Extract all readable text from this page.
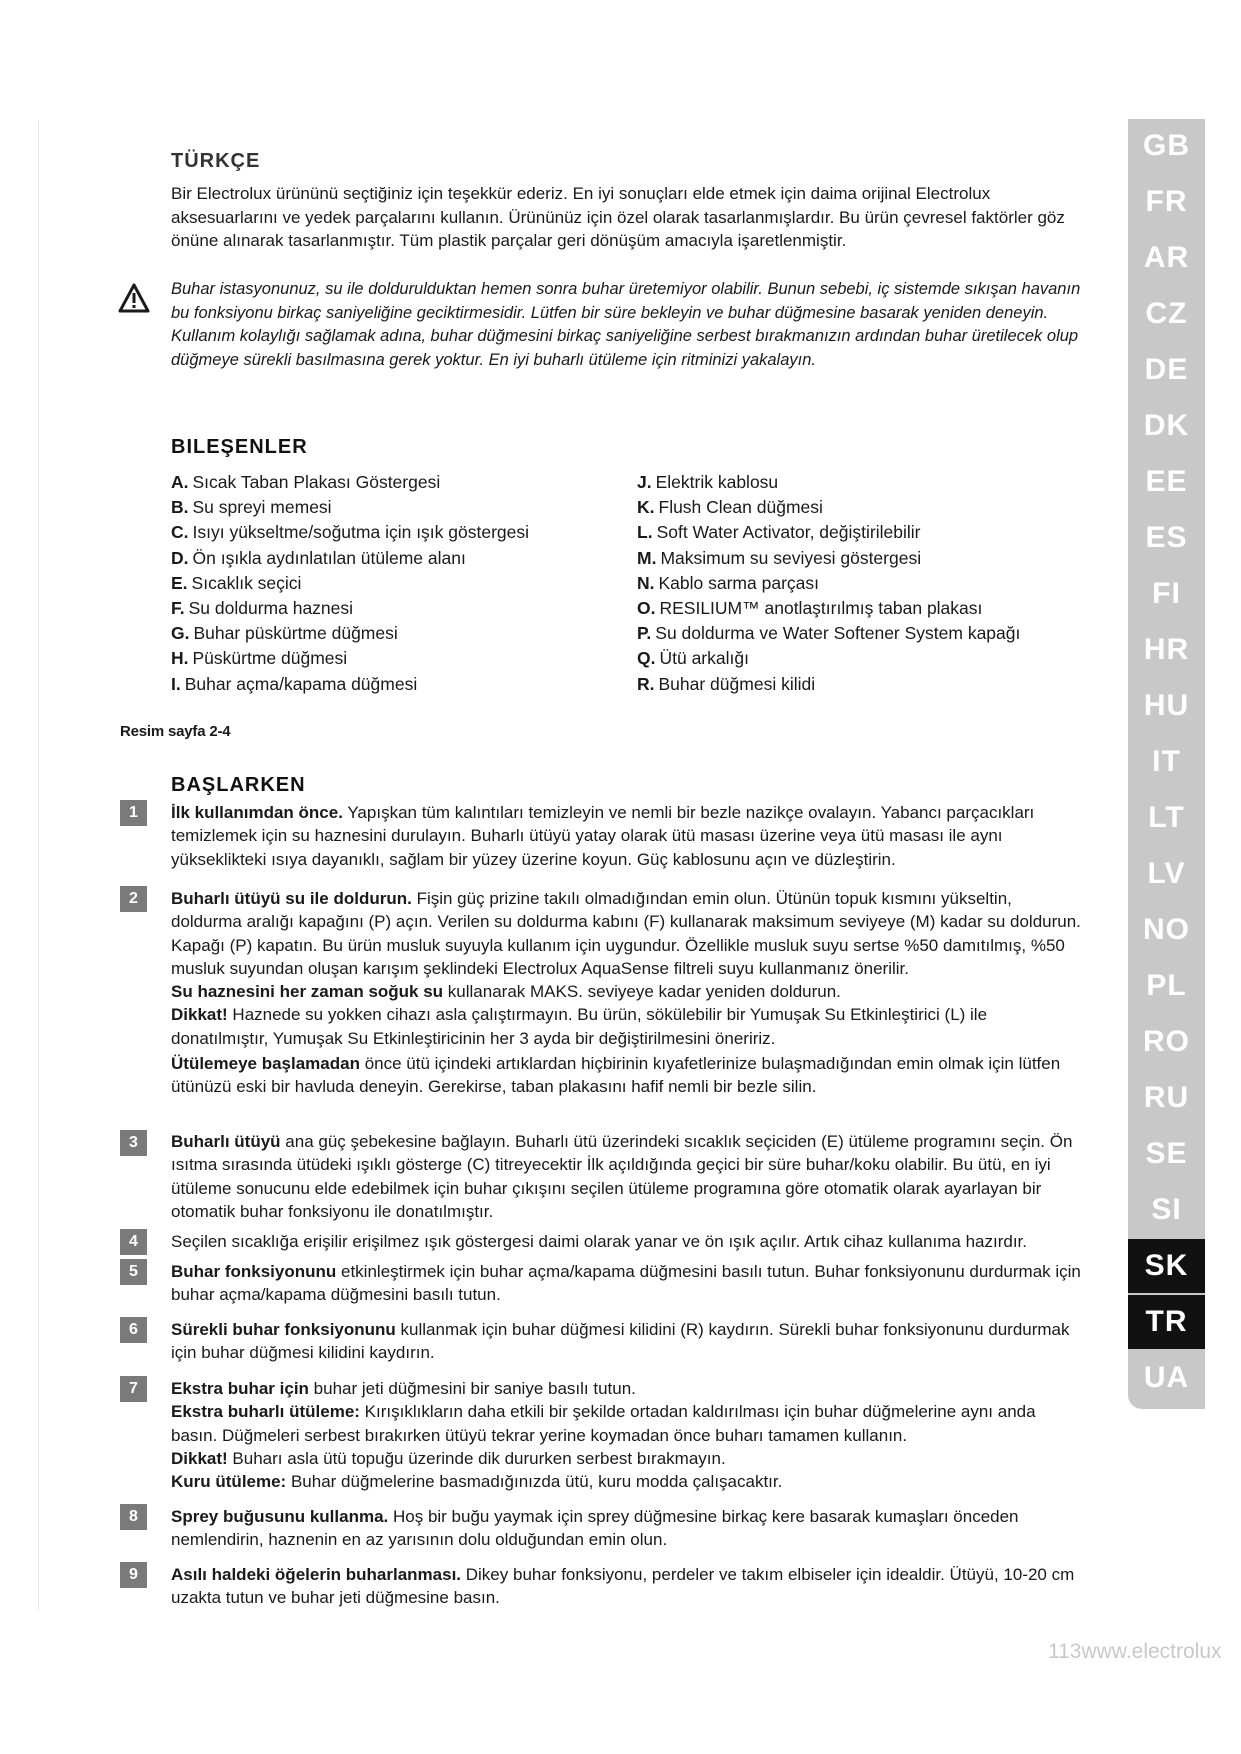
GB
FR
AR
CZ
DE
DK
EE
ES
FI
HR
HU
IT
LT
LV
NO
PL
RO
RU
SE
SI
SK
TR
UA
TÜRKÇE
Bir Electrolux ürününü seçtiğiniz için teşekkür ederiz. En iyi sonuçları elde etmek için daima orijinal Electrolux aksesuarlarını ve yedek parçalarını kullanın. Ürününüz için özel olarak tasarlanmışlardır. Bu ürün çevresel faktörler göz önüne alınarak tasarlanmıştır. Tüm plastik parçalar geri dönüşüm amacıyla işaretlenmiştir.
Buhar istasyonunuz, su ile doldurulduktan hemen sonra buhar üretemiyor olabilir. Bunun sebebi, iç sistemde sıkışan havanın bu fonksiyonu birkaç saniyeliğine geciktirmesidir. Lütfen bir süre bekleyin ve buhar düğmesine basarak yeniden deneyin. Kullanım kolaylığı sağlamak adına, buhar düğmesini birkaç saniyeliğine serbest bırakmanızın ardından buhar üretilecek olup düğmeye sürekli basılmasına gerek yoktur. En iyi buharlı ütüleme için ritminizi yakalayın.
BILEŞENLER
A. Sıcak Taban Plakası Göstergesi
B. Su spreyi memesi
C. Isıyı yükseltme/soğutma için ışık göstergesi
D. Ön ışıkla aydınlatılan ütüleme alanı
E. Sıcaklık seçici
F. Su doldurma haznesi
G. Buhar püskürtme düğmesi
H. Püskürtme düğmesi
I. Buhar açma/kapama düğmesi
J. Elektrik kablosu
K. Flush Clean düğmesi
L. Soft Water Activator, değiştirilebilir
M. Maksimum su seviyesi göstergesi
N. Kablo sarma parçası
O. RESILIUM™ anotlaştırılmış taban plakası
P. Su doldurma ve Water Softener System kapağı
Q. Ütü arkalığı
R. Buhar düğmesi kilidi
Resim sayfa 2-4
BAŞLARKEN
1	İlk kullanımdan önce. Yapışkan tüm kalıntıları temizleyin ve nemli bir bezle nazikçe ovalayın. Yabancı parçacıkları temizlemek için su haznesini durulayın. Buharlı ütüyü yatay olarak ütü masası üzerine veya ütü masası ile aynı yükseklikteki ısıya dayanıklı, sağlam bir yüzey üzerine koyun. Güç kablosunu açın ve düzleştirin.
2	Buharlı ütüyü su ile doldurun. Fişin güç prizine takılı olmadığından emin olun. Ütünün topuk kısmını yükseltin, doldurma aralığı kapağını (P) açın. Verilen su doldurma kabını (F) kullanarak maksimum seviyeye (M) kadar su doldurun. Kapağı (P) kapatın. Bu ürün musluk suyuyla kullanım için uygundur. Özellikle musluk suyu sertse %50 damıtılmış, %50 musluk suyundan oluşan karışım şeklindeki Electrolux AquaSense filtreli suyu kullanmanız önerilir.
Su haznesini her zaman soğuk su kullanarak MAKS. seviyeye kadar yeniden doldurun.
Dikkat! Haznede su yokken cihazı asla çalıştırmayın. Bu ürün, sökülebilir bir Yumuşak Su Etkinleştirici (L) ile donatılmıştır, Yumuşak Su Etkinleştiricinin her 3 ayda bir değiştirilmesini öneririz.
Ütülemeye başlamadan önce ütü içindeki artıklardan hiçbirinin kıyafetlerinize bulaşmadığından emin olmak için lütfen ütünüzü eski bir havluda deneyin. Gerekirse, taban plakasını hafif nemli bir bezle silin.
3	Buharlı ütüyü ana güç şebekesine bağlayın. Buharlı ütü üzerindeki sıcaklık seçiciden (E) ütüleme programını seçin. Ön ısıtma sırasında ütüdeki ışıklı gösterge (C) titreyecektir İlk açıldığında geçici bir süre buhar/koku olabilir. Bu ütü, en iyi ütüleme sonucunu elde edebilmek için buhar çıkışını seçilen ütüleme programına göre otomatik olarak ayarlayan bir otomatik buhar fonksiyonu ile donatılmıştır.
4	Seçilen sıcaklığa erişilir erişilmez ışık göstergesi daimi olarak yanar ve ön ışık açılır. Artık cihaz kullanıma hazırdır.
5	Buhar fonksiyonunu etkinleştirmek için buhar açma/kapama düğmesini basılı tutun. Buhar fonksiyonunu durdurmak için buhar açma/kapama düğmesini basılı tutun.
6	Sürekli buhar fonksiyonunu kullanmak için buhar düğmesi kilidini (R) kaydırın. Sürekli buhar fonksiyonunu durdurmak için buhar düğmesi kilidini kaydırın.
7	Ekstra buhar için buhar jeti düğmesini bir saniye basılı tutun.
Ekstra buharlı ütüleme: Kırışıklıkların daha etkili bir şekilde ortadan kaldırılması için buhar düğmelerine aynı anda basın. Düğmeleri serbest bırakırken ütüyü tekrar yerine koymadan önce buharı tamamen kullanın.
Dikkat! Buharı asla ütü topuğu üzerinde dik dururken serbest bırakmayın.
Kuru ütüleme: Buhar düğmelerine basmadığınızda ütü, kuru modda çalışacaktır.
8	Sprey buğusunu kullanma. Hoş bir buğu yaymak için sprey düğmesine birkaç kere basarak kumaşları önceden nemlendirin, haznenin en az yarısının dolu olduğundan emin olun.
9	Asılı haldeki öğelerin buharlanması. Dikey buhar fonksiyonu, perdeler ve takım elbiseler için idealdir. Ütüyü, 10-20 cm uzakta tutun ve buhar jeti düğmesine basın.
113www.electrolux
